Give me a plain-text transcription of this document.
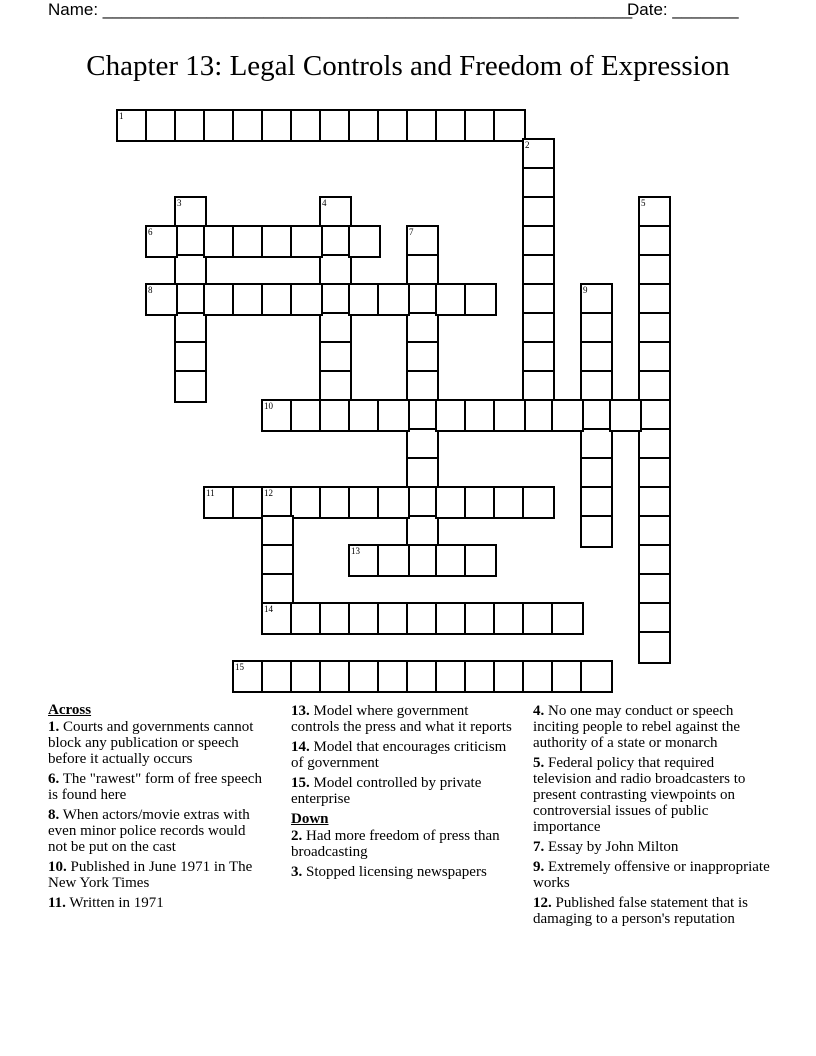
Name: ________________________________________________________
Date: _______
Chapter 13: Legal Controls and Freedom of Expression
1
2
3	4	5
6	7
8	9
10
11	12
14
13
15
Across
1. Courts and governments cannot block any publication or speech before it actually occurs
6. The "rawest" form of free speech is found here
8. When actors/movie extras with even minor police records would not be put on the cast
10. Published in June 1971 in The New York Times
11. Written in 1971
13. Model where government controls the press and what it reports
14. Model that encourages criticism of government
15. Model controlled by private enterprise
Down
2. Had more freedom of press than broadcasting
3. Stopped licensing newspapers
4. No one may conduct or speech inciting people to rebel against the authority of a state or monarch
5. Federal policy that required television and radio broadcasters to present contrasting viewpoints on controversial issues of public importance
7. Essay by John Milton
9. Extremely offensive or inappropriate works
12. Published false statement that is damaging to a person's reputation
